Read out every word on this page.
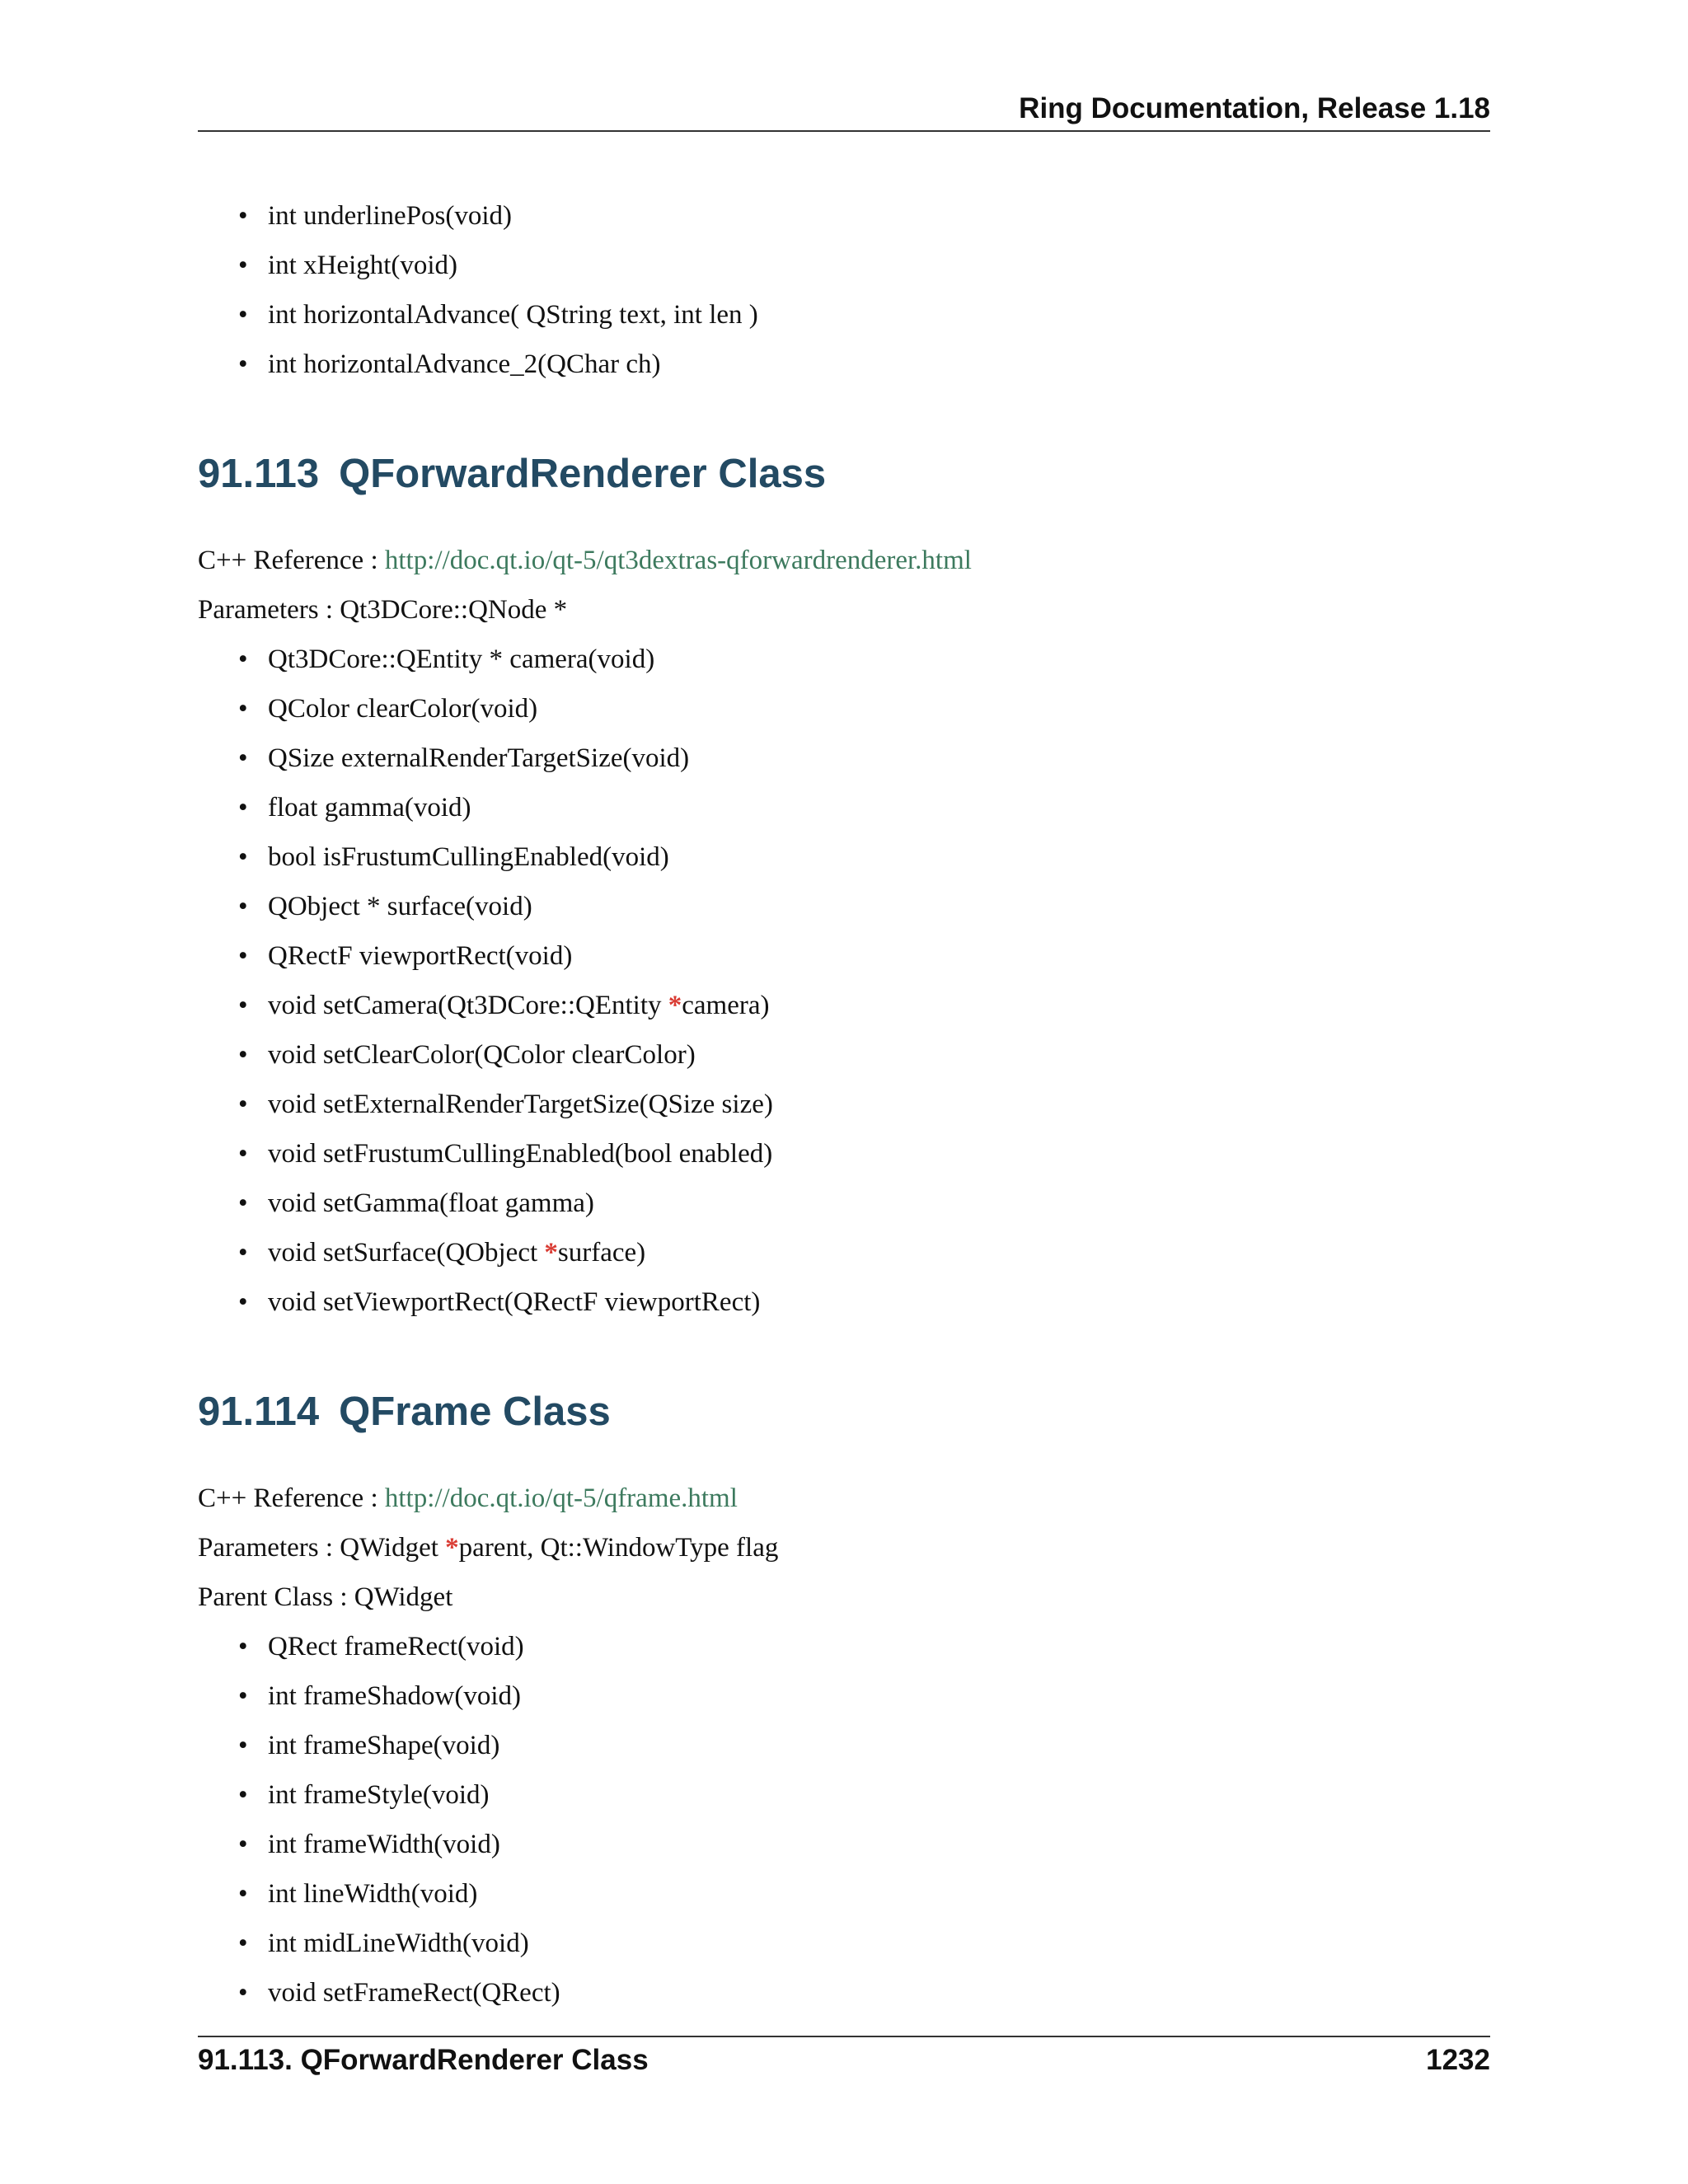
Ring Documentation, Release 1.18
• int underlinePos(void)
• int xHeight(void)
• int horizontalAdvance( QString text, int len )
• int horizontalAdvance_2(QChar ch)
91.113 QForwardRenderer Class
C++ Reference : http://doc.qt.io/qt-5/qt3dextras-qforwardrenderer.html
Parameters : Qt3DCore::QNode *
• Qt3DCore::QEntity * camera(void)
• QColor clearColor(void)
• QSize externalRenderTargetSize(void)
• float gamma(void)
• bool isFrustumCullingEnabled(void)
• QObject * surface(void)
• QRectF viewportRect(void)
• void setCamera(Qt3DCore::QEntity *camera)
• void setClearColor(QColor clearColor)
• void setExternalRenderTargetSize(QSize size)
• void setFrustumCullingEnabled(bool enabled)
• void setGamma(float gamma)
• void setSurface(QObject *surface)
• void setViewportRect(QRectF viewportRect)
91.114 QFrame Class
C++ Reference : http://doc.qt.io/qt-5/qframe.html
Parameters : QWidget *parent, Qt::WindowType flag
Parent Class : QWidget
• QRect frameRect(void)
• int frameShadow(void)
• int frameShape(void)
• int frameStyle(void)
• int frameWidth(void)
• int lineWidth(void)
• int midLineWidth(void)
• void setFrameRect(QRect)
91.113. QForwardRenderer Class	1232
